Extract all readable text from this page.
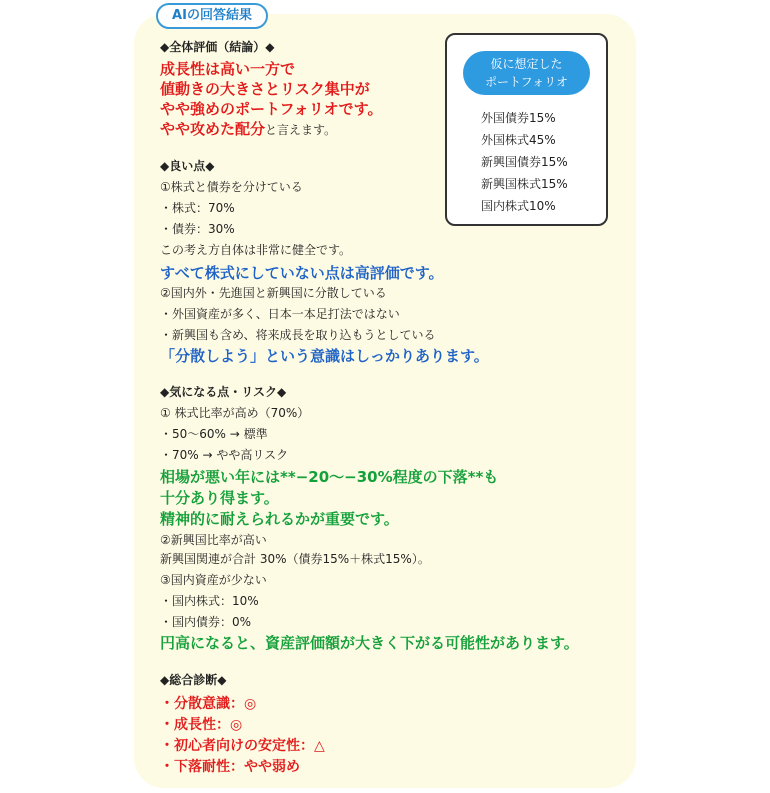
AIの回答結果
◆全体評価（結論）◆
成長性は高い一方で
値動きの大きさとリスク集中が
やや強めのポートフォリオです。
やや攻めた配分と言えます。
仮に想定した
ポートフォリオ
外国債券15%
外国株式45%
新興国債券15%
新興国株式15%
国内株式10%
◆良い点◆
①株式と債券を分けている
・株式：70%
・債券：30%
この考え方自体は非常に健全です。
すべて株式にしていない点は高評価です。
②国内外・先進国と新興国に分散している
・外国資産が多く、日本一本足打法ではない
・新興国も含め、将来成長を取り込もうとしている
「分散しよう」という意識はしっかりあります。
◆気になる点・リスク◆
① 株式比率が高め（70%）
・50〜60% → 標準
・70% → やや高リスク
相場が悪い年には**−20〜−30%程度の下落**も
十分あり得ます。
精神的に耐えられるかが重要です。
②新興国比率が高い
新興国関連が合計 30%（債券15%＋株式15%）。
③国内資産が少ない
・国内株式：10%
・国内債券：0%
円高になると、資産評価額が大きく下がる可能性があります。
◆総合診断◆
・分散意識：◎
・成長性：◎
・初心者向けの安定性：△
・下落耐性：やや弱め
